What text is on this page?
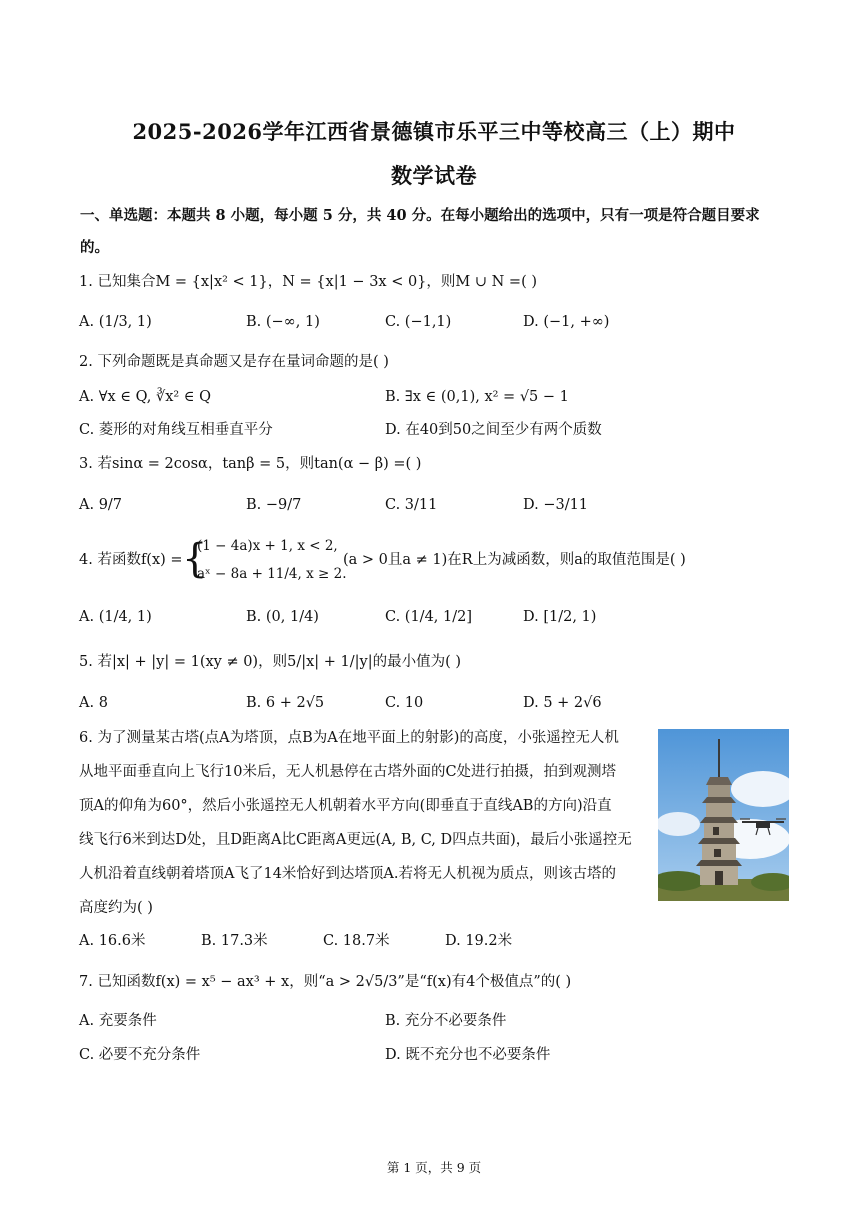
2025-2026学年江西省景德镇市乐平三中等校高三（上）期中
数学试卷
一、单选题：本题共 8 小题，每小题 5 分，共 40 分。在每小题给出的选项中，只有一项是符合题目要求
的。
1. 已知集合M = {x|x² < 1}，N = {x|1 − 3x < 0}，则M ∪ N =( )
A. (1/3, 1)	B. (−∞, 1)	C. (−1,1)	D. (−1, +∞)
2. 下列命题既是真命题又是存在量词命题的是( )
A. ∀x ∈ Q, ∛x² ∈ Q	B. ∃x ∈ (0,1), x² = √5 − 1
C. 菱形的对角线互相垂直平分	D. 在40到50之间至少有两个质数
3. 若sinα = 2cosα，tanβ = 5，则tan(α − β) =( )
A. 9/7	B. −9/7	C. 3/11	D. −3/11
4. 若函数f(x) = {
(1 − 4a)x + 1, x < 2,
aˣ − 8a + 11/4, x ≥ 2.
(a > 0且a ≠ 1)在R上为减函数，则a的取值范围是( )
A. (1/4, 1)	B. (0, 1/4)	C. (1/4, 1/2]	D. [1/2, 1)
5. 若|x| + |y| = 1(xy ≠ 0)，则5/|x| + 1/|y|的最小值为( )
A. 8	B. 6 + 2√5	C. 10	D. 5 + 2√6
6. 为了测量某古塔(点A为塔顶，点B为A在地平面上的射影)的高度，小张遥控无人机
从地平面垂直向上飞行10米后，无人机悬停在古塔外面的C处进行拍摄，拍到观测塔
顶A的仰角为60°，然后小张遥控无人机朝着水平方向(即垂直于直线AB的方向)沿直
线飞行6米到达D处，且D距离A比C距离A更远(A, B, C, D四点共面)，最后小张遥控无
人机沿着直线朝着塔顶A飞了14米恰好到达塔顶A.若将无人机视为质点，则该古塔的
高度约为( )
A. 16.6米	B. 17.3米	C. 18.7米	D. 19.2米
7. 已知函数f(x) = x⁵ − ax³ + x，则“a > 2√5/3”是“f(x)有4个极值点”的( )
A. 充要条件	B. 充分不必要条件
C. 必要不充分条件	D. 既不充分也不必要条件
第 1 页，共 9 页
